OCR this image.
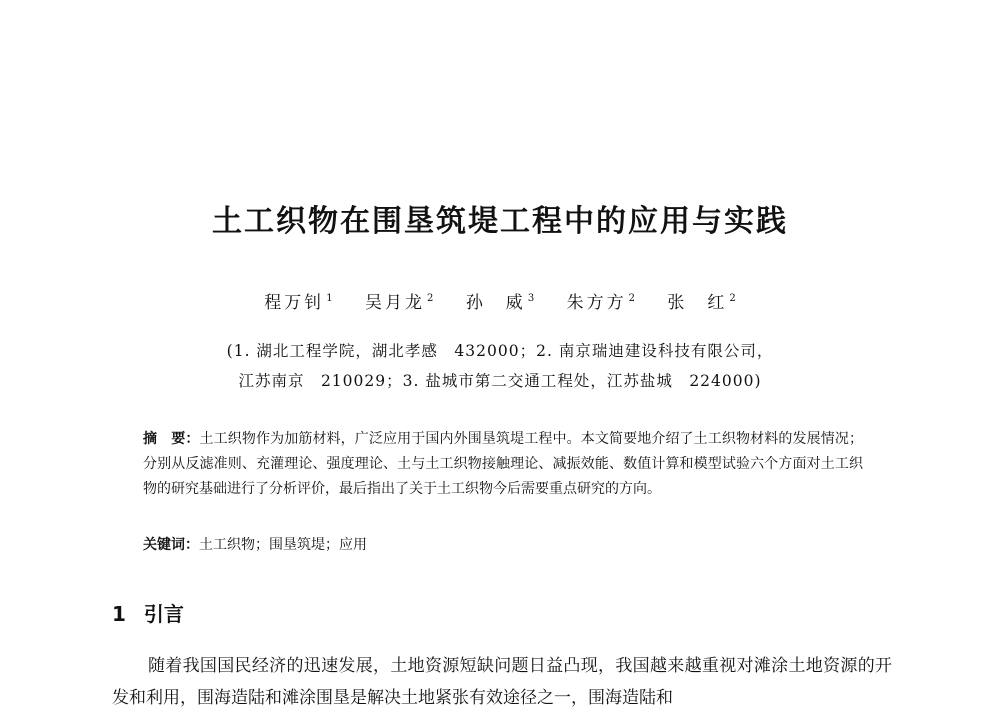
土工织物在围垦筑堤工程中的应用与实践
程万钊 $^1$ 吴月龙 $^2$ 孙　威 $^3$ 朱方方 $^2$ 张　红 $^2$
(1. 湖北工程学院，湖北孝感　432000；2. 南京瑞迪建设科技有限公司，
江苏南京　210029；3. 盐城市第二交通工程处，江苏盐城　224000)
摘　要：土工织物作为加筋材料，广泛应用于国内外围垦筑堤工程中。本文简要地介绍了土工织物材料的发展情况；分别从反滤准则、充灌理论、强度理论、土与土工织物接触理论、减振效能、数值计算和模型试验六个方面对土工织物的研究基础进行了分析评价，最后指出了关于土工织物今后需要重点研究的方向。
关键词：土工织物；围垦筑堤；应用
1 引言
随着我国国民经济的迅速发展，土地资源短缺问题日益凸现，我国越来越重视对滩涂土地资源的开发和利用，围海造陆和滩涂围垦是解决土地紧张有效途径之一，围海造陆和
